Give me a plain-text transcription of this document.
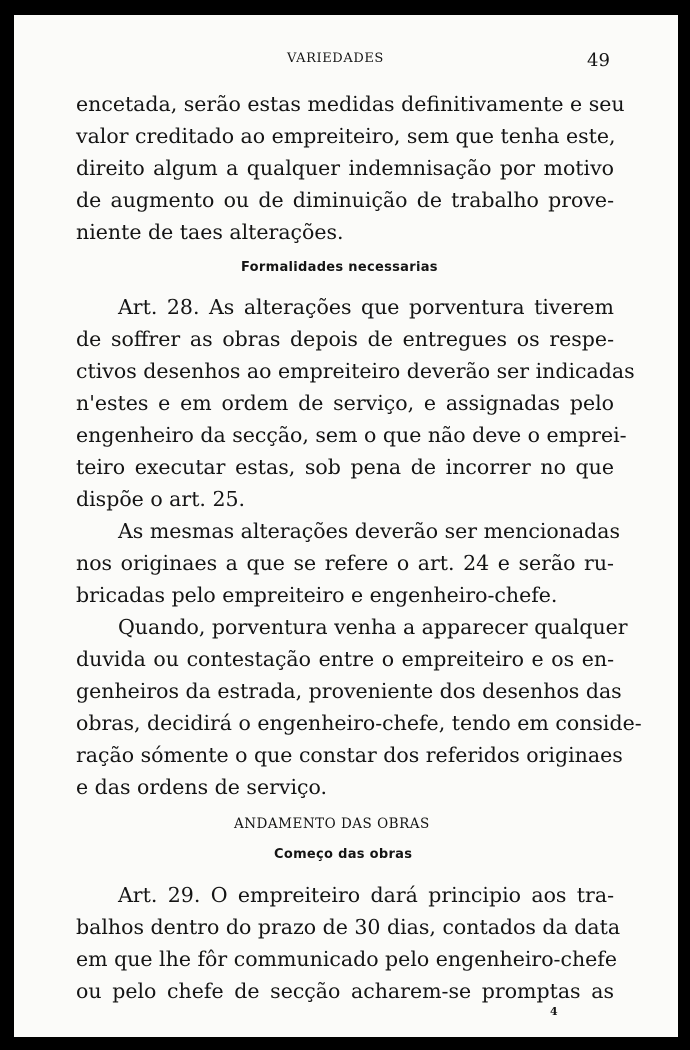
VARIEDADES	49
encetada, serão estas medidas definitivamente e seu
valor creditado ao empreiteiro, sem que tenha este,
direito algum a qualquer indemnisação por motivo
de augmento ou de diminuição de trabalho prove-
niente de taes alterações.
Formalidades necessarias
Art. 28. As alterações que porventura tiverem
de soffrer as obras depois de entregues os respe-
ctivos desenhos ao empreiteiro deverão ser indicadas
n'estes e em ordem de serviço, e assignadas pelo
engenheiro da secção, sem o que não deve o emprei-
teiro executar estas, sob pena de incorrer no que
dispõe o art. 25.
As mesmas alterações deverão ser mencionadas
nos originaes a que se refere o art. 24 e serão ru-
bricadas pelo empreiteiro e engenheiro-chefe.
Quando, porventura venha a apparecer qualquer
duvida ou contestação entre o empreiteiro e os en-
genheiros da estrada, proveniente dos desenhos das
obras, decidirá o engenheiro-chefe, tendo em conside-
ração sómente o que constar dos referidos originaes
e das ordens de serviço.
ANDAMENTO DAS OBRAS
Começo das obras
Art. 29. O empreiteiro dará principio aos tra-
balhos dentro do prazo de 30 dias, contados da data
em que lhe fôr communicado pelo engenheiro-chefe
ou pelo chefe de secção acharem-se promptas as
4
